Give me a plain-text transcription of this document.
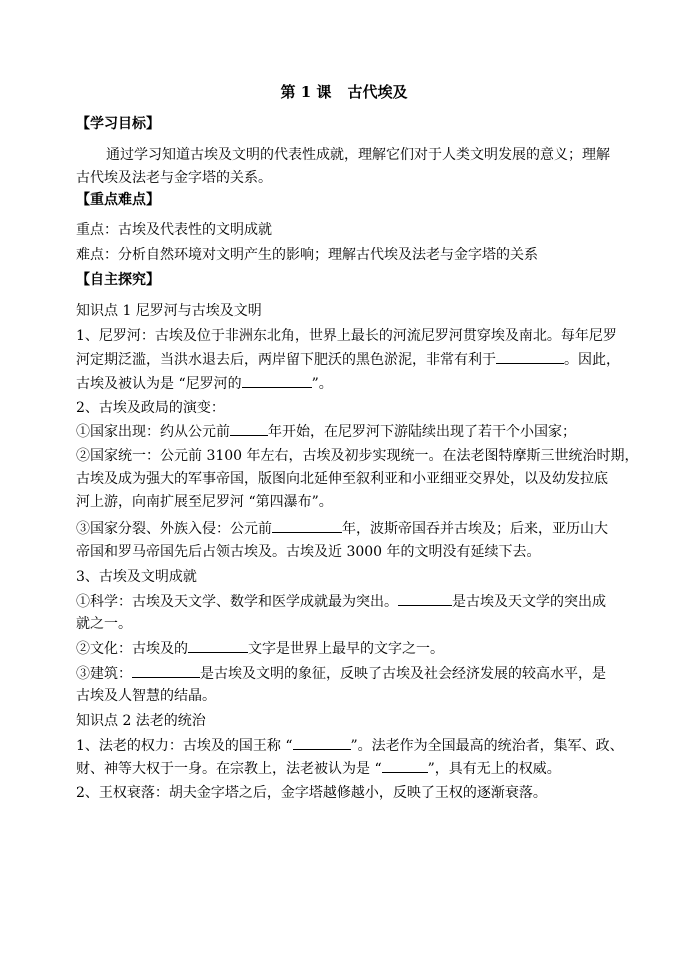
第 1 课 古代埃及
【学习目标】
通过学习知道古埃及文明的代表性成就，理解它们对于人类文明发展的意义；理解
古代埃及法老与金字塔的关系。
【重点难点】
重点：古埃及代表性的文明成就
难点：分析自然环境对文明产生的影响；理解古代埃及法老与金字塔的关系
【自主探究】
知识点 1 尼罗河与古埃及文明
1、尼罗河：古埃及位于非洲东北角，世界上最长的河流尼罗河贯穿埃及南北。每年尼罗
河定期泛滥，当洪水退去后，两岸留下肥沃的黑色淤泥，非常有利于	。因此，
古埃及被认为是 “尼罗河的	”。
2、古埃及政局的演变：
①国家出现：约从公元前	年开始，在尼罗河下游陆续出现了若干个小国家；
②国家统一：公元前 3100 年左右，古埃及初步实现统一。在法老图特摩斯三世统治时期，
古埃及成为强大的军事帝国，版图向北延伸至叙利亚和小亚细亚交界处，以及幼发拉底
河上游，向南扩展至尼罗河 “第四瀑布”。
③国家分裂、外族入侵：公元前	年，波斯帝国吞并古埃及；后来，亚历山大
帝国和罗马帝国先后占领古埃及。古埃及近 3000 年的文明没有延续下去。
3、古埃及文明成就
①科学：古埃及天文学、数学和医学成就最为突出。	是古埃及天文学的突出成
就之一。
②文化：古埃及的	文字是世界上最早的文字之一。
③建筑：	是古埃及文明的象征，反映了古埃及社会经济发展的较高水平，是
古埃及人智慧的结晶。
知识点 2 法老的统治
1、法老的权力：古埃及的国王称 “	”。法老作为全国最高的统治者，集军、政、
财、神等大权于一身。在宗教上，法老被认为是 “	”，具有无上的权威。
2、王权衰落：胡夫金字塔之后，金字塔越修越小，反映了王权的逐渐衰落。
